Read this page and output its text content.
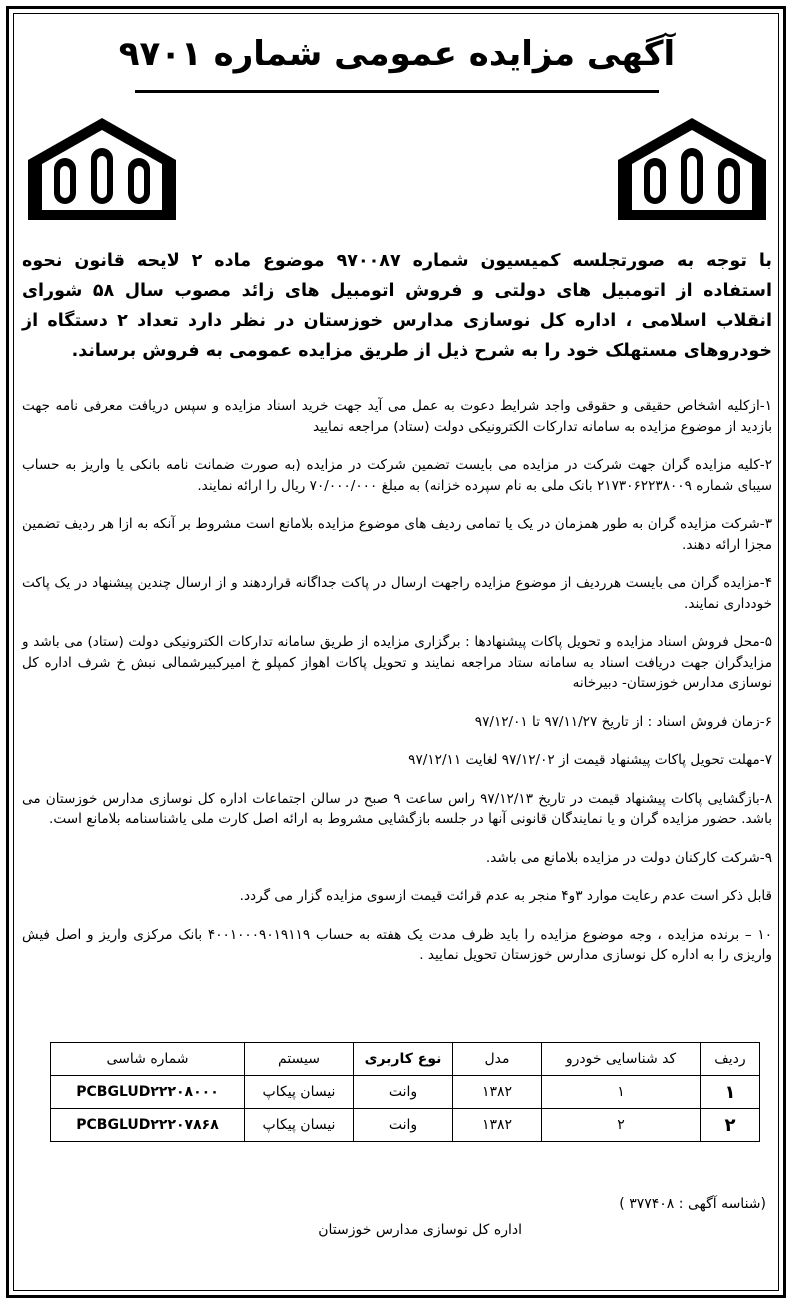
آگهی مزایده عمومی شماره ۹۷۰۱
با توجه به صورتجلسه کمیسیون شماره ۹۷۰۰۸۷ موضوع ماده ۲ لایحه قانون نحوه استفاده از اتومبیل های دولتی و فروش اتومبیل های زائد مصوب سال ۵۸ شورای انقلاب اسلامی ، اداره کل نوسازی مدارس خوزستان در نظر دارد تعداد ۲ دستگاه از خودروهای مستهلک خود را به شرح ذیل از طریق مزایده عمومی به فروش برساند.

۱-ازکلیه اشخاص حقیقی و حقوقی واجد شرایط دعوت به عمل می آید جهت خرید اسناد مزایده و سپس دریافت معرفی نامه جهت بازدید از موضوع مزایده به سامانه تدارکات الکترونیکی دولت (ستاد) مراجعه نمایید

۲-کلیه مزایده گران جهت شرکت در مزایده می بایست تضمین شرکت در مزایده (به صورت ضمانت نامه بانکی یا واریز به حساب سیبای شماره ۲۱۷۳۰۶۲۲۳۸۰۰۹ بانک ملی به نام سپرده خزانه) به مبلغ ۷۰/۰۰۰/۰۰۰ ریال را ارائه نمایند.

۳-شرکت مزایده گران به طور همزمان در یک یا تمامی ردیف های موضوع مزایده بلامانع است مشروط بر آنکه به ازا هر ردیف تضمین مجزا ارائه دهند.

۴-مزایده گران می بایست هرردیف از موضوع مزایده راجهت ارسال در پاکت جداگانه قراردهند و از ارسال چندین پیشنهاد در یک پاکت خودداری نمایند.

۵-محل فروش اسناد مزایده و تحویل پاکات پیشنهادها : برگزاری مزایده از طریق سامانه تدارکات الکترونیکی دولت (ستاد) می باشد و مزایدگران جهت دریافت اسناد به سامانه ستاد مراجعه نمایند و تحویل پاکات اهواز کمپلو خ امیرکبیرشمالی نبش خ شرف اداره کل نوسازی مدارس خوزستان- دبیرخانه

۶-زمان فروش اسناد : از تاریخ ۹۷/۱۱/۲۷ تا ۹۷/۱۲/۰۱

۷-مهلت تحویل پاکات پیشنهاد قیمت از ۹۷/۱۲/۰۲ لغایت ۹۷/۱۲/۱۱

۸-بازگشایی پاکات پیشنهاد قیمت در تاریخ ۹۷/۱۲/۱۳ راس ساعت ۹ صبح در سالن اجتماعات اداره کل نوسازی مدارس خوزستان می باشد. حضور مزایده گران و یا نمایندگان قانونی آنها در جلسه بازگشایی مشروط به ارائه اصل کارت ملی یاشناسنامه بلامانع است.

۹-شرکت کارکنان دولت در مزایده بلامانع می باشد.

قابل ذکر است عدم رعایت موارد ۳و۴ منجر به عدم قرائت قیمت ازسوی مزایده گزار می گردد.

۱۰ – برنده مزایده ، وجه موضوع مزایده را باید ظرف مدت یک هفته به حساب ۴۰۰۱۰۰۰۹۰۱۹۱۱۹ بانک مرکزی واریز و اصل فیش واریزی را به اداره کل نوسازی مدارس خوزستان تحویل نمایید .

ردیف	کد شناسایی خودرو	مدل	نوع کاربری	سیستم	شماره شاسی
۱	۱	۱۳۸۲	وانت	نیسان پیکاپ	PCBGLUD۲۲۲۰۸۰۰۰
۲	۲	۱۳۸۲	وانت	نیسان پیکاپ	PCBGLUD۲۲۲۰۷۸۶۸
(شناسه آگهی : ۳۷۷۴۰۸ )
اداره کل نوسازی مدارس خوزستان
